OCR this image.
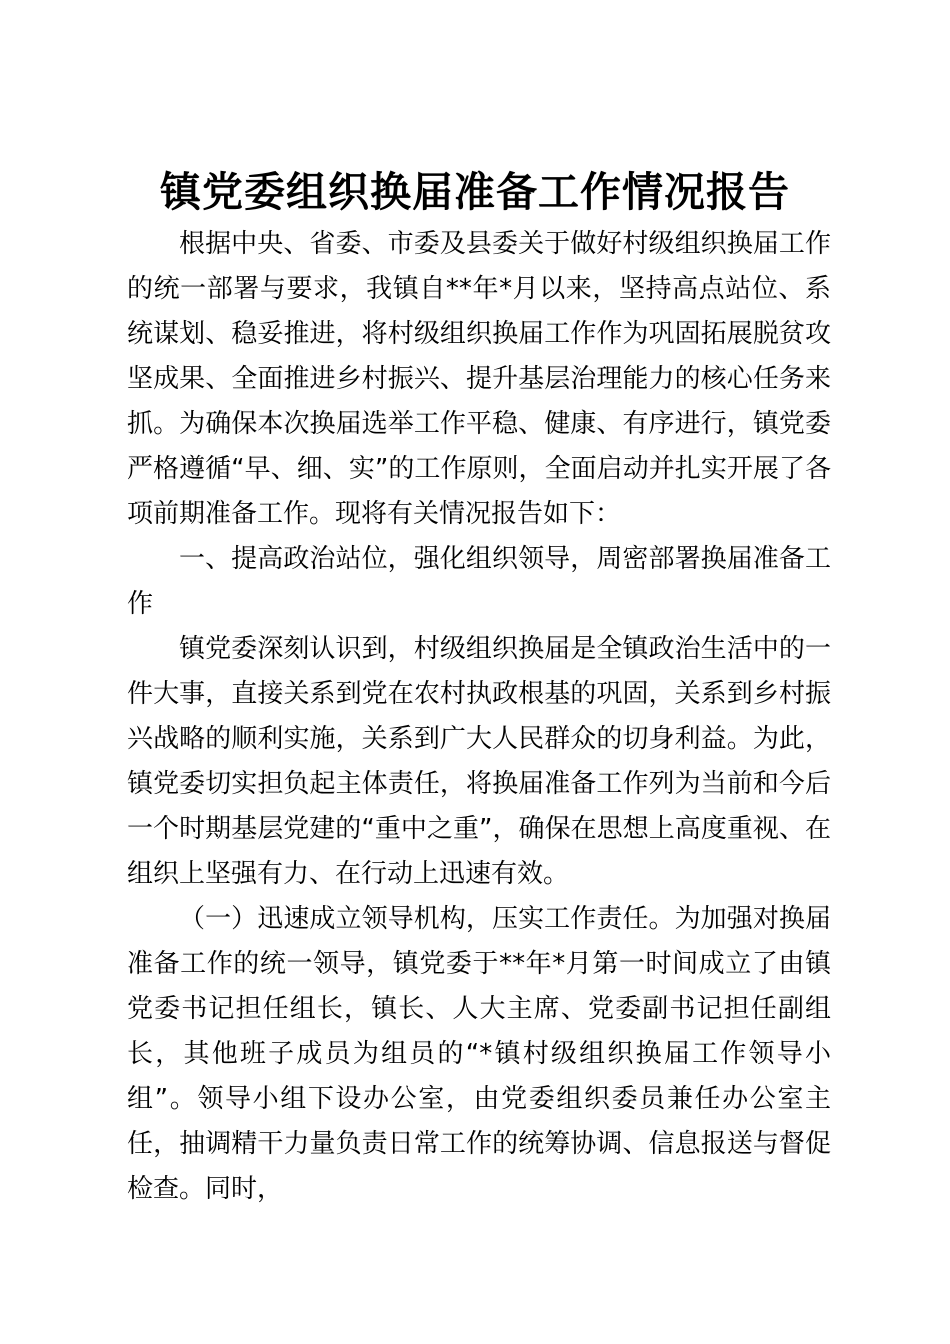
镇党委组织换届准备工作情况报告

根据中央、省委、市委及县委关于做好村级组织换届工作的统一部署与要求，我镇自**年*月以来，坚持高点站位、系统谋划、稳妥推进，将村级组织换届工作作为巩固拓展脱贫攻坚成果、全面推进乡村振兴、提升基层治理能力的核心任务来抓。为确保本次换届选举工作平稳、健康、有序进行，镇党委严格遵循“早、细、实”的工作原则，全面启动并扎实开展了各项前期准备工作。现将有关情况报告如下：

一、提高政治站位，强化组织领导，周密部署换届准备工作

镇党委深刻认识到，村级组织换届是全镇政治生活中的一件大事，直接关系到党在农村执政根基的巩固，关系到乡村振兴战略的顺利实施，关系到广大人民群众的切身利益。为此，镇党委切实担负起主体责任，将换届准备工作列为当前和今后一个时期基层党建的“重中之重”，确保在思想上高度重视、在组织上坚强有力、在行动上迅速有效。

（一）迅速成立领导机构，压实工作责任。为加强对换届准备工作的统一领导，镇党委于**年*月第一时间成立了由镇党委书记担任组长，镇长、人大主席、党委副书记担任副组长，其他班子成员为组员的“*镇村级组织换届工作领导小组”。领导小组下设办公室，由党委组织委员兼任办公室主任，抽调精干力量负责日常工作的统筹协调、信息报送与督促检查。同时，
